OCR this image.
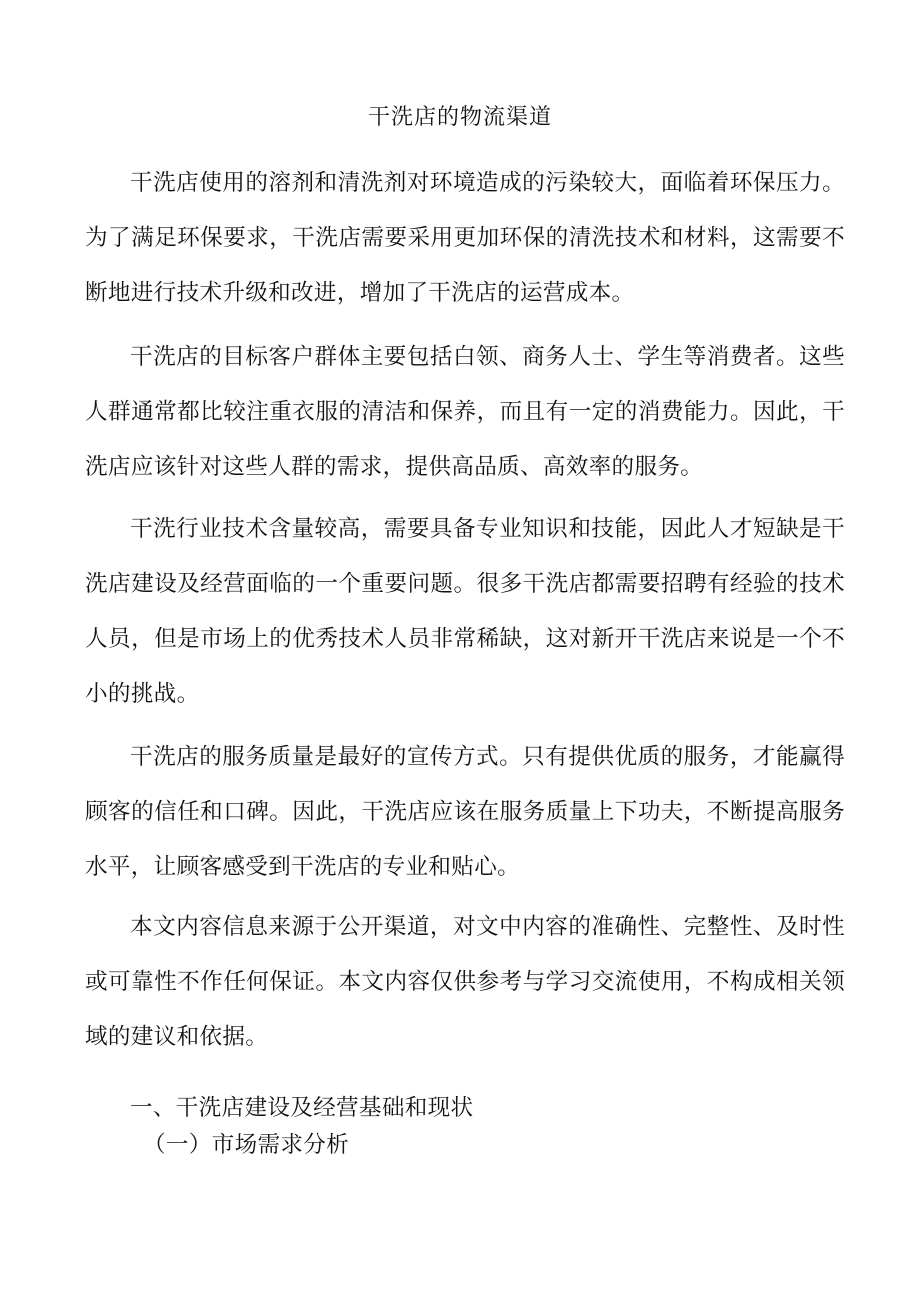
干洗店的物流渠道

干洗店使用的溶剂和清洗剂对环境造成的污染较大，面临着环保压力。为了满足环保要求，干洗店需要采用更加环保的清洗技术和材料，这需要不断地进行技术升级和改进，增加了干洗店的运营成本。

干洗店的目标客户群体主要包括白领、商务人士、学生等消费者。这些人群通常都比较注重衣服的清洁和保养，而且有一定的消费能力。因此，干洗店应该针对这些人群的需求，提供高品质、高效率的服务。

干洗行业技术含量较高，需要具备专业知识和技能，因此人才短缺是干洗店建设及经营面临的一个重要问题。很多干洗店都需要招聘有经验的技术人员，但是市场上的优秀技术人员非常稀缺，这对新开干洗店来说是一个不小的挑战。

干洗店的服务质量是最好的宣传方式。只有提供优质的服务，才能赢得顾客的信任和口碑。因此，干洗店应该在服务质量上下功夫，不断提高服务水平，让顾客感受到干洗店的专业和贴心。

本文内容信息来源于公开渠道，对文中内容的准确性、完整性、及时性或可靠性不作任何保证。本文内容仅供参考与学习交流使用，不构成相关领域的建议和依据。

一、干洗店建设及经营基础和现状

（一）市场需求分析
